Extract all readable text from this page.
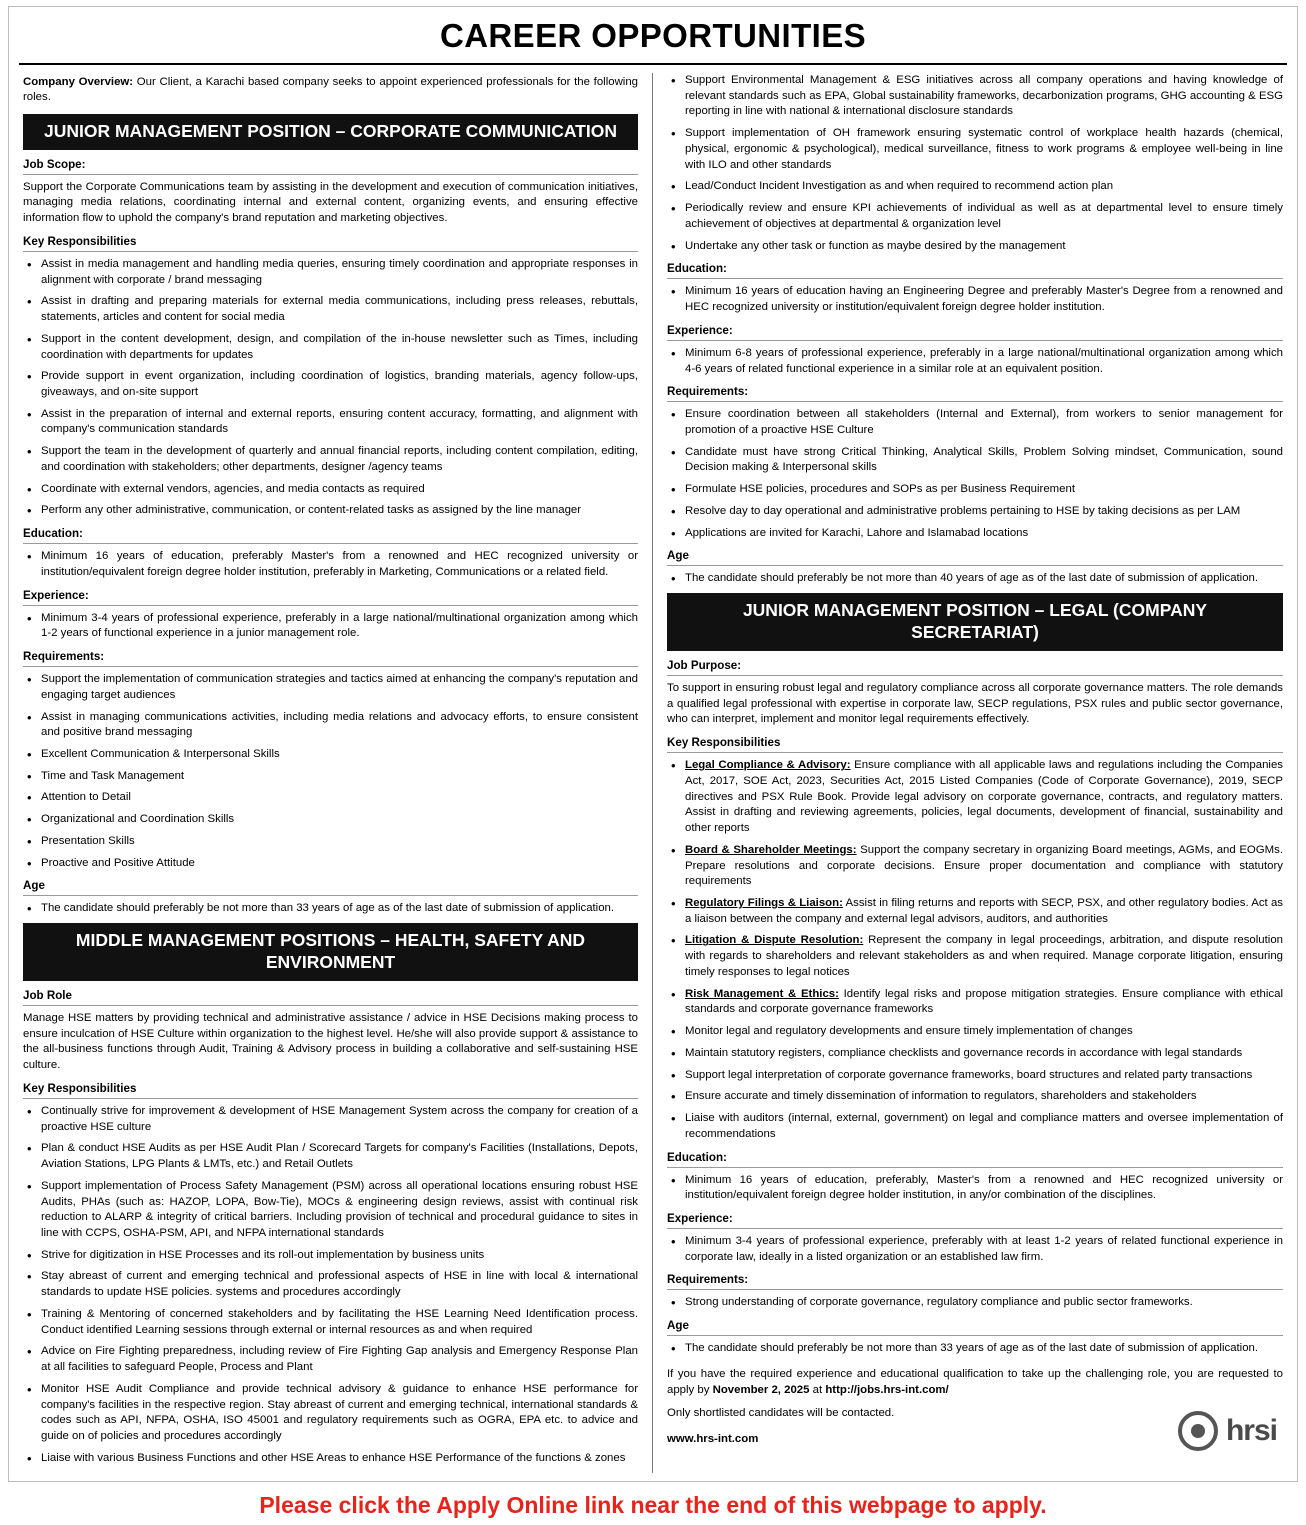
CAREER OPPORTUNITIES

Company Overview: Our Client, a Karachi based company seeks to appoint experienced professionals for the following roles.

JUNIOR MANAGEMENT POSITION – CORPORATE COMMUNICATION
Job Scope:

Support the Corporate Communications team by assisting in the development and execution of communication initiatives, managing media relations, coordinating internal and external content, organizing events, and ensuring effective information flow to uphold the company's brand reputation and marketing objectives.

Key Responsibilities
• Assist in media management and handling media queries, ensuring timely coordination and appropriate responses in alignment with corporate / brand messaging
• Assist in drafting and preparing materials for external media communications, including press releases, rebuttals, statements, articles and content for social media
• Support in the content development, design, and compilation of the in-house newsletter such as Times, including coordination with departments for updates
• Provide support in event organization, including coordination of logistics, branding materials, agency follow-ups, giveaways, and on-site support
• Assist in the preparation of internal and external reports, ensuring content accuracy, formatting, and alignment with company's communication standards
• Support the team in the development of quarterly and annual financial reports, including content compilation, editing, and coordination with stakeholders; other departments, designer /agency teams
• Coordinate with external vendors, agencies, and media contacts as required
• Perform any other administrative, communication, or content-related tasks as assigned by the line manager
Education:
• Minimum 16 years of education, preferably Master's from a renowned and HEC recognized university or institution/equivalent foreign degree holder institution, preferably in Marketing, Communications or a related field.
Experience:
• Minimum 3-4 years of professional experience, preferably in a large national/multinational organization among which 1-2 years of functional experience in a junior management role.
Requirements:
• Support the implementation of communication strategies and tactics aimed at enhancing the company's reputation and engaging target audiences
• Assist in managing communications activities, including media relations and advocacy efforts, to ensure consistent and positive brand messaging
• Excellent Communication & Interpersonal Skills
• Time and Task Management
• Attention to Detail
• Organizational and Coordination Skills
• Presentation Skills
• Proactive and Positive Attitude
Age
• The candidate should preferably be not more than 33 years of age as of the last date of submission of application.
MIDDLE MANAGEMENT POSITIONS – HEALTH, SAFETY AND ENVIRONMENT
Job Role

Manage HSE matters by providing technical and administrative assistance / advice in HSE Decisions making process to ensure inculcation of HSE Culture within organization to the highest level. He/she will also provide support & assistance to the all-business functions through Audit, Training & Advisory process in building a collaborative and self-sustaining HSE culture.

Key Responsibilities
• Continually strive for improvement & development of HSE Management System across the company for creation of a proactive HSE culture
• Plan & conduct HSE Audits as per HSE Audit Plan / Scorecard Targets for company's Facilities (Installations, Depots, Aviation Stations, LPG Plants & LMTs, etc.) and Retail Outlets
• Support implementation of Process Safety Management (PSM) across all operational locations ensuring robust HSE Audits, PHAs (such as: HAZOP, LOPA, Bow-Tie), MOCs & engineering design reviews, assist with continual risk reduction to ALARP & integrity of critical barriers. Including provision of technical and procedural guidance to sites in line with CCPS, OSHA-PSM, API, and NFPA international standards
• Strive for digitization in HSE Processes and its roll-out implementation by business units
• Stay abreast of current and emerging technical and professional aspects of HSE in line with local & international standards to update HSE policies. systems and procedures accordingly
• Training & Mentoring of concerned stakeholders and by facilitating the HSE Learning Need Identification process. Conduct identified Learning sessions through external or internal resources as and when required
• Advice on Fire Fighting preparedness, including review of Fire Fighting Gap analysis and Emergency Response Plan at all facilities to safeguard People, Process and Plant
• Monitor HSE Audit Compliance and provide technical advisory & guidance to enhance HSE performance for company's facilities in the respective region. Stay abreast of current and emerging technical, international standards & codes such as API, NFPA, OSHA, ISO 45001 and regulatory requirements such as OGRA, EPA etc. to advice and guide on of policies and procedures accordingly
• Liaise with various Business Functions and other HSE Areas to enhance HSE Performance of the functions & zones
• Support Environmental Management & ESG initiatives across all company operations and having knowledge of relevant standards such as EPA, Global sustainability frameworks, decarbonization programs, GHG accounting & ESG reporting in line with national & international disclosure standards
• Support implementation of OH framework ensuring systematic control of workplace health hazards (chemical, physical, ergonomic & psychological), medical surveillance, fitness to work programs & employee well-being in line with ILO and other standards
• Lead/Conduct Incident Investigation as and when required to recommend action plan
• Periodically review and ensure KPI achievements of individual as well as at departmental level to ensure timely achievement of objectives at departmental & organization level
• Undertake any other task or function as maybe desired by the management
Education:
• Minimum 16 years of education having an Engineering Degree and preferably Master's Degree from a renowned and HEC recognized university or institution/equivalent foreign degree holder institution.
Experience:
• Minimum 6-8 years of professional experience, preferably in a large national/multinational organization among which 4-6 years of related functional experience in a similar role at an equivalent position.
Requirements:
• Ensure coordination between all stakeholders (Internal and External), from workers to senior management for promotion of a proactive HSE Culture
• Candidate must have strong Critical Thinking, Analytical Skills, Problem Solving mindset, Communication, sound Decision making & Interpersonal skills
• Formulate HSE policies, procedures and SOPs as per Business Requirement
• Resolve day to day operational and administrative problems pertaining to HSE by taking decisions as per LAM
• Applications are invited for Karachi, Lahore and Islamabad locations
Age
• The candidate should preferably be not more than 40 years of age as of the last date of submission of application.
JUNIOR MANAGEMENT POSITION – LEGAL (COMPANY SECRETARIAT)
Job Purpose:

To support in ensuring robust legal and regulatory compliance across all corporate governance matters. The role demands a qualified legal professional with expertise in corporate law, SECP regulations, PSX rules and public sector governance, who can interpret, implement and monitor legal requirements effectively.

Key Responsibilities
• Legal Compliance & Advisory: Ensure compliance with all applicable laws and regulations including the Companies Act, 2017, SOE Act, 2023, Securities Act, 2015 Listed Companies (Code of Corporate Governance), 2019, SECP directives and PSX Rule Book. Provide legal advisory on corporate governance, contracts, and regulatory matters. Assist in drafting and reviewing agreements, policies, legal documents, development of financial, sustainability and other reports
• Board & Shareholder Meetings: Support the company secretary in organizing Board meetings, AGMs, and EOGMs. Prepare resolutions and corporate decisions. Ensure proper documentation and compliance with statutory requirements
• Regulatory Filings & Liaison: Assist in filing returns and reports with SECP, PSX, and other regulatory bodies. Act as a liaison between the company and external legal advisors, auditors, and authorities
• Litigation & Dispute Resolution: Represent the company in legal proceedings, arbitration, and dispute resolution with regards to shareholders and relevant stakeholders as and when required. Manage corporate litigation, ensuring timely responses to legal notices
• Risk Management & Ethics: Identify legal risks and propose mitigation strategies. Ensure compliance with ethical standards and corporate governance frameworks
• Monitor legal and regulatory developments and ensure timely implementation of changes
• Maintain statutory registers, compliance checklists and governance records in accordance with legal standards
• Support legal interpretation of corporate governance frameworks, board structures and related party transactions
• Ensure accurate and timely dissemination of information to regulators, shareholders and stakeholders
• Liaise with auditors (internal, external, government) on legal and compliance matters and oversee implementation of recommendations
Education:
• Minimum 16 years of education, preferably, Master's from a renowned and HEC recognized university or institution/equivalent foreign degree holder institution, in any/or combination of the disciplines.
Experience:
• Minimum 3-4 years of professional experience, preferably with at least 1-2 years of related functional experience in corporate law, ideally in a listed organization or an established law firm.
Requirements:
• Strong understanding of corporate governance, regulatory compliance and public sector frameworks.
Age
• The candidate should preferably be not more than 33 years of age as of the last date of submission of application.
If you have the required experience and educational qualification to take up the challenging role, you are requested to apply by November 2, 2025 at http://jobs.hrs-int.com/
Only shortlisted candidates will be contacted.
www.hrs-int.com	hrsi
Please click the Apply Online link near the end of this webpage to apply.
